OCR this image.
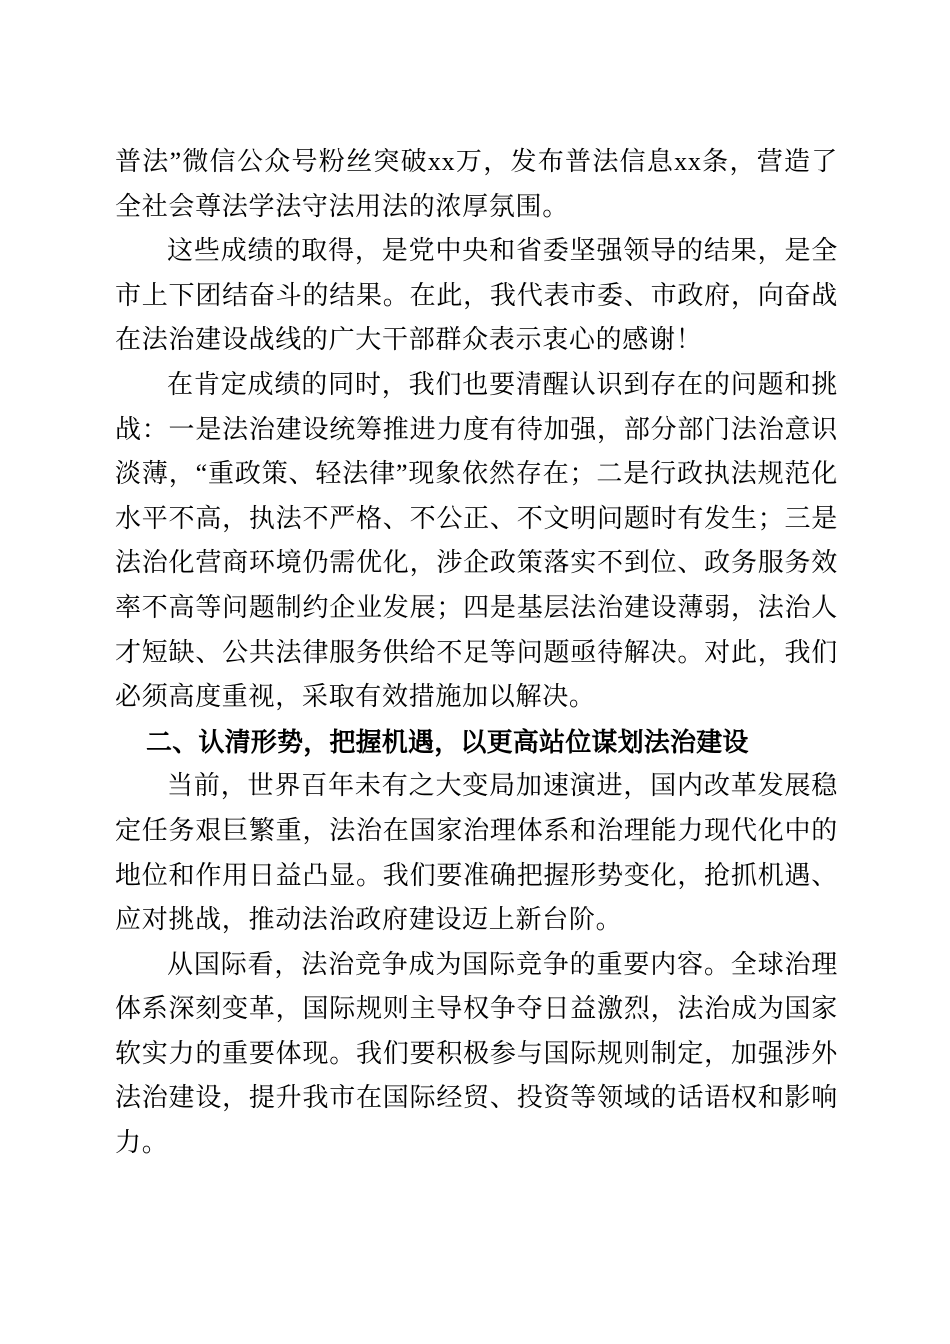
普法”微信公众号粉丝突破xx万，发布普法信息xx条，营造了全社会尊法学法守法用法的浓厚氛围。

这些成绩的取得，是党中央和省委坚强领导的结果，是全市上下团结奋斗的结果。在此，我代表市委、市政府，向奋战在法治建设战线的广大干部群众表示衷心的感谢！

在肯定成绩的同时，我们也要清醒认识到存在的问题和挑战：一是法治建设统筹推进力度有待加强，部分部门法治意识淡薄，“重政策、轻法律”现象依然存在；二是行政执法规范化水平不高，执法不严格、不公正、不文明问题时有发生；三是法治化营商环境仍需优化，涉企政策落实不到位、政务服务效率不高等问题制约企业发展；四是基层法治建设薄弱，法治人才短缺、公共法律服务供给不足等问题亟待解决。对此，我们必须高度重视，采取有效措施加以解决。

二、认清形势，把握机遇，以更高站位谋划法治建设

当前，世界百年未有之大变局加速演进，国内改革发展稳定任务艰巨繁重，法治在国家治理体系和治理能力现代化中的地位和作用日益凸显。我们要准确把握形势变化，抢抓机遇、应对挑战，推动法治政府建设迈上新台阶。

从国际看，法治竞争成为国际竞争的重要内容。全球治理体系深刻变革，国际规则主导权争夺日益激烈，法治成为国家软实力的重要体现。我们要积极参与国际规则制定，加强涉外法治建设，提升我市在国际经贸、投资等领域的话语权和影响力。
